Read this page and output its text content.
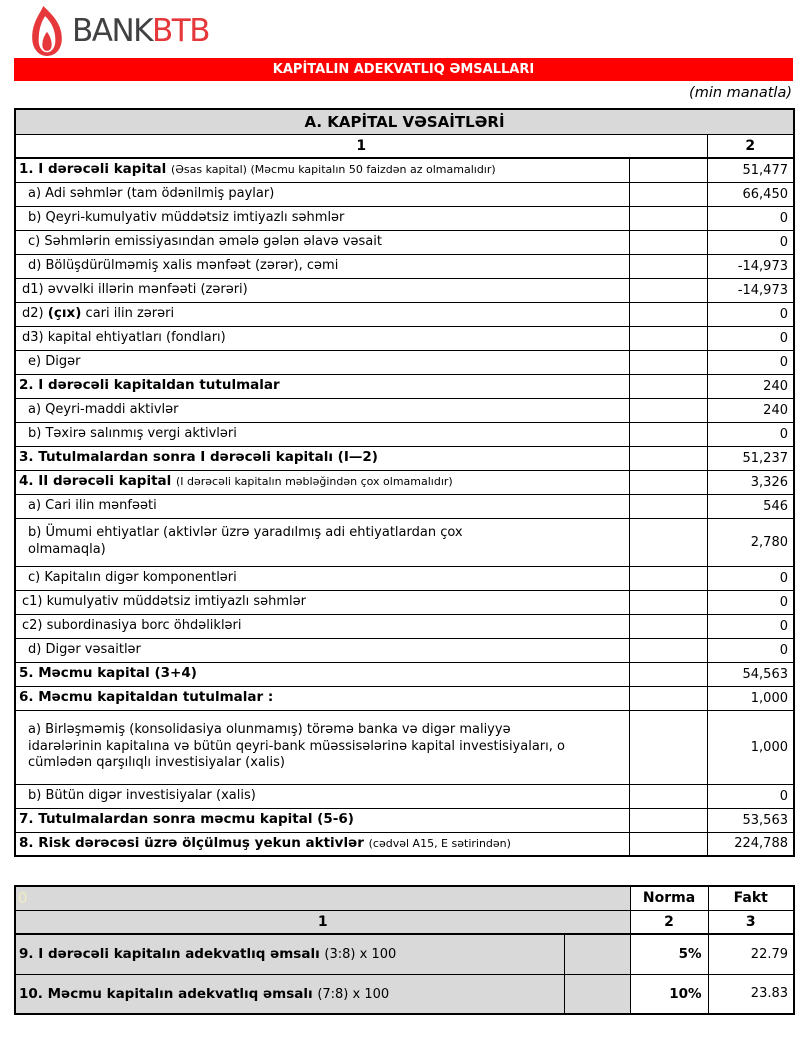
BANK BTB
KAPİTALIN ADEKVATLIQ ƏMSALLARI
(min manatla)
A. KAPİTAL VƏSAİTLƏRİ		
1		2
1. I dərəcəli kapital (Əsas kapital) (Məcmu kapitalın 50 faizdən az olmamalıdır)		51,477
a) Adi səhmlər (tam ödənilmiş paylar)		66,450
b) Qeyri-kumulyativ müddətsiz imtiyazlı səhmlər		0
c) Səhmlərin emissiyasından əmələ gələn əlavə vəsait		0
d) Bölüşdürülməmiş xalis mənfəət (zərər), cəmi		-14,973
d1) əvvəlki illərin mənfəəti (zərəri)		-14,973
d2) (çıx) cari ilin zərəri		0
d3) kapital ehtiyatları (fondları)		0
e) Digər		0
2. I dərəcəli kapitaldan tutulmalar		240
a) Qeyri-maddi aktivlər		240
b) Təxirə salınmış vergi aktivləri		0
3. Tutulmalardan sonra I dərəcəli kapitalı (I—2)		51,237
4. II dərəcəli kapital (I dərəcəli kapitalın məbləğindən çox olmamalıdır)		3,326
a) Cari ilin mənfəəti		546

b) Ümumi ehtiyatlar (aktivlər üzrə yaradılmış adi ehtiyatlardan çox olmamaqla)		2,780
c) Kapitalın digər komponentləri		0
c1) kumulyativ müddətsiz imtiyazlı səhmlər		0
c2) subordinasiya borc öhdəlikləri		0
d) Digər vəsaitlər		0
5. Məcmu kapital (3+4)		54,563
6. Məcmu kapitaldan tutulmalar :		1,000

a) Birləşməmiş (konsolidasiya olunmamış) törəmə banka və digər maliyyə idarələrinin kapitalına və bütün qeyri-bank müəssisələrinə kapital investisiyaları, o cümlədən qarşılıqlı investisiyalar (xalis)		1,000
b) Bütün digər investisiyalar (xalis)		0
7. Tutulmalardan sonra məcmu kapital (5-6)		53,563
8. Risk dərəcəsi üzrə ölçülmuş yekun aktivlər (cədvəl A15, E sətirindən)		224,788
0		Norma	Fakt
1		2	3
9. I dərəcəli kapitalın adekvatlıq əmsalı (3:8) x 100		5%	22.79
10. Məcmu kapitalın adekvatlıq əmsalı (7:8) x 100		10%	23.83
